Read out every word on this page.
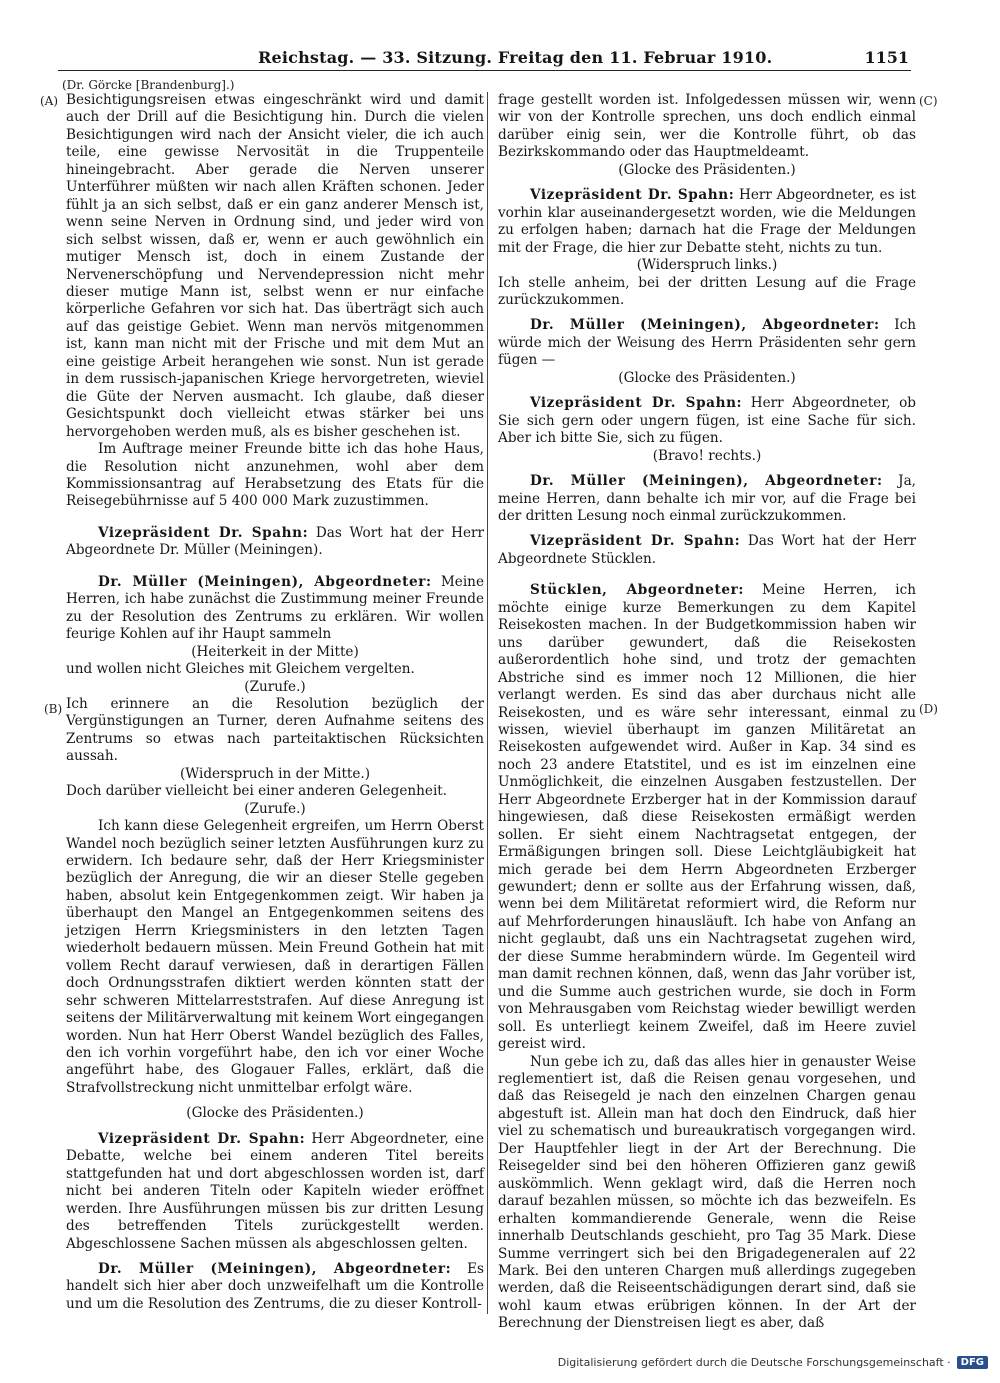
Reichstag. — 33. Sitzung. Freitag den 11. Februar 1910.	1151
(Dr. Görcke [Brandenburg].)
(A)
(B)
(C)
(D)

Besichtigungsreisen etwas eingeschränkt wird und damit auch der Drill auf die Besichtigung hin. Durch die vielen Besichtigungen wird nach der Ansicht vieler, die ich auch teile, eine gewisse Nervosität in die Truppenteile hineingebracht. Aber gerade die Nerven unserer Unterführer müßten wir nach allen Kräften schonen. Jeder fühlt ja an sich selbst, daß er ein ganz anderer Mensch ist, wenn seine Nerven in Ordnung sind, und jeder wird von sich selbst wissen, daß er, wenn er auch gewöhnlich ein mutiger Mensch ist, doch in einem Zustande der Nervenerschöpfung und Nervendepression nicht mehr dieser mutige Mann ist, selbst wenn er nur einfache körperliche Gefahren vor sich hat. Das überträgt sich auch auf das geistige Gebiet. Wenn man nervös mitgenommen ist, kann man nicht mit der Frische und mit dem Mut an eine geistige Arbeit herangehen wie sonst. Nun ist gerade in dem russisch-japanischen Kriege hervorgetreten, wieviel die Güte der Nerven ausmacht. Ich glaube, daß dieser Gesichtspunkt doch vielleicht etwas stärker bei uns hervorgehoben werden muß, als es bisher geschehen ist.

Im Auftrage meiner Freunde bitte ich das hohe Haus, die Resolution nicht anzunehmen, wohl aber dem Kommissionsantrag auf Herabsetzung des Etats für die Reisegebührnisse auf 5 400 000 Mark zuzustimmen.

Vizepräsident Dr. Spahn: Das Wort hat der Herr Abgeordnete Dr. Müller (Meiningen).

Dr. Müller (Meiningen), Abgeordneter: Meine Herren, ich habe zunächst die Zustimmung meiner Freunde zu der Resolution des Zentrums zu erklären. Wir wollen feurige Kohlen auf ihr Haupt sammeln

(Heiterkeit in der Mitte)

und wollen nicht Gleiches mit Gleichem vergelten.

(Zurufe.)

Ich erinnere an die Resolution bezüglich der Vergünstigungen an Turner, deren Aufnahme seitens des Zentrums so etwas nach parteitaktischen Rücksichten aussah.

(Widerspruch in der Mitte.)

Doch darüber vielleicht bei einer anderen Gelegenheit.

(Zurufe.)

Ich kann diese Gelegenheit ergreifen, um Herrn Oberst Wandel noch bezüglich seiner letzten Ausführungen kurz zu erwidern. Ich bedaure sehr, daß der Herr Kriegsminister bezüglich der Anregung, die wir an dieser Stelle gegeben haben, absolut kein Entgegenkommen zeigt. Wir haben ja überhaupt den Mangel an Entgegenkommen seitens des jetzigen Herrn Kriegsministers in den letzten Tagen wiederholt bedauern müssen. Mein Freund Gothein hat mit vollem Recht darauf verwiesen, daß in derartigen Fällen doch Ordnungsstrafen diktiert werden könnten statt der sehr schweren Mittelarreststrafen. Auf diese Anregung ist seitens der Militärverwaltung mit keinem Wort eingegangen worden. Nun hat Herr Oberst Wandel bezüglich des Falles, den ich vorhin vorgeführt habe, den ich vor einer Woche angeführt habe, des Glogauer Falles, erklärt, daß die Strafvollstreckung nicht unmittelbar erfolgt wäre.

(Glocke des Präsidenten.)

Vizepräsident Dr. Spahn: Herr Abgeordneter, eine Debatte, welche bei einem anderen Titel bereits stattgefunden hat und dort abgeschlossen worden ist, darf nicht bei anderen Titeln oder Kapiteln wieder eröffnet werden. Ihre Ausführungen müssen bis zur dritten Lesung des betreffenden Titels zurückgestellt werden. Abgeschlossene Sachen müssen als abgeschlossen gelten.

Dr. Müller (Meiningen), Abgeordneter: Es handelt sich hier aber doch unzweifelhaft um die Kontrolle und um die Resolution des Zentrums, die zu dieser Kontroll-

frage gestellt worden ist. Infolgedessen müssen wir, wenn wir von der Kontrolle sprechen, uns doch endlich einmal darüber einig sein, wer die Kontrolle führt, ob das Bezirkskommando oder das Hauptmeldeamt.

(Glocke des Präsidenten.)

Vizepräsident Dr. Spahn: Herr Abgeordneter, es ist vorhin klar auseinandergesetzt worden, wie die Meldungen zu erfolgen haben; darnach hat die Frage der Meldungen mit der Frage, die hier zur Debatte steht, nichts zu tun.

(Widerspruch links.)

Ich stelle anheim, bei der dritten Lesung auf die Frage zurückzukommen.

Dr. Müller (Meiningen), Abgeordneter: Ich würde mich der Weisung des Herrn Präsidenten sehr gern fügen —

(Glocke des Präsidenten.)

Vizepräsident Dr. Spahn: Herr Abgeordneter, ob Sie sich gern oder ungern fügen, ist eine Sache für sich. Aber ich bitte Sie, sich zu fügen.

(Bravo! rechts.)

Dr. Müller (Meiningen), Abgeordneter: Ja, meine Herren, dann behalte ich mir vor, auf die Frage bei der dritten Lesung noch einmal zurückzukommen.

Vizepräsident Dr. Spahn: Das Wort hat der Herr Abgeordnete Stücklen.

Stücklen, Abgeordneter: Meine Herren, ich möchte einige kurze Bemerkungen zu dem Kapitel Reisekosten machen. In der Budgetkommission haben wir uns darüber gewundert, daß die Reisekosten außerordentlich hohe sind, und trotz der gemachten Abstriche sind es immer noch 12 Millionen, die hier verlangt werden. Es sind das aber durchaus nicht alle Reisekosten, und es wäre sehr interessant, einmal zu wissen, wieviel überhaupt im ganzen Militäretat an Reisekosten aufgewendet wird. Außer in Kap. 34 sind es noch 23 andere Etatstitel, und es ist im einzelnen eine Unmöglichkeit, die einzelnen Ausgaben festzustellen. Der Herr Abgeordnete Erzberger hat in der Kommission darauf hingewiesen, daß diese Reisekosten ermäßigt werden sollen. Er sieht einem Nachtragsetat entgegen, der Ermäßigungen bringen soll. Diese Leichtgläubigkeit hat mich gerade bei dem Herrn Abgeordneten Erzberger gewundert; denn er sollte aus der Erfahrung wissen, daß, wenn bei dem Militäretat reformiert wird, die Reform nur auf Mehrforderungen hinausläuft. Ich habe von Anfang an nicht geglaubt, daß uns ein Nachtragsetat zugehen wird, der diese Summe herabmindern würde. Im Gegenteil wird man damit rechnen können, daß, wenn das Jahr vorüber ist, und die Summe auch gestrichen wurde, sie doch in Form von Mehrausgaben vom Reichstag wieder bewilligt werden soll. Es unterliegt keinem Zweifel, daß im Heere zuviel gereist wird.

Nun gebe ich zu, daß das alles hier in genauster Weise reglementiert ist, daß die Reisen genau vorgesehen, und daß das Reisegeld je nach den einzelnen Chargen genau abgestuft ist. Allein man hat doch den Eindruck, daß hier viel zu schematisch und bureaukratisch vorgegangen wird. Der Hauptfehler liegt in der Art der Berechnung. Die Reisegelder sind bei den höheren Offizieren ganz gewiß auskömmlich. Wenn geklagt wird, daß die Herren noch darauf bezahlen müssen, so möchte ich das bezweifeln. Es erhalten kommandierende Generale, wenn die Reise innerhalb Deutschlands geschieht, pro Tag 35 Mark. Diese Summe verringert sich bei den Brigadegeneralen auf 22 Mark. Bei den unteren Chargen muß allerdings zugegeben werden, daß die Reiseentschädigungen derart sind, daß sie wohl kaum etwas erübrigen können. In der Art der Berechnung der Dienstreisen liegt es aber, daß

Digitalisierung gefördert durch die Deutsche Forschungsgemeinschaft ·	DFG
